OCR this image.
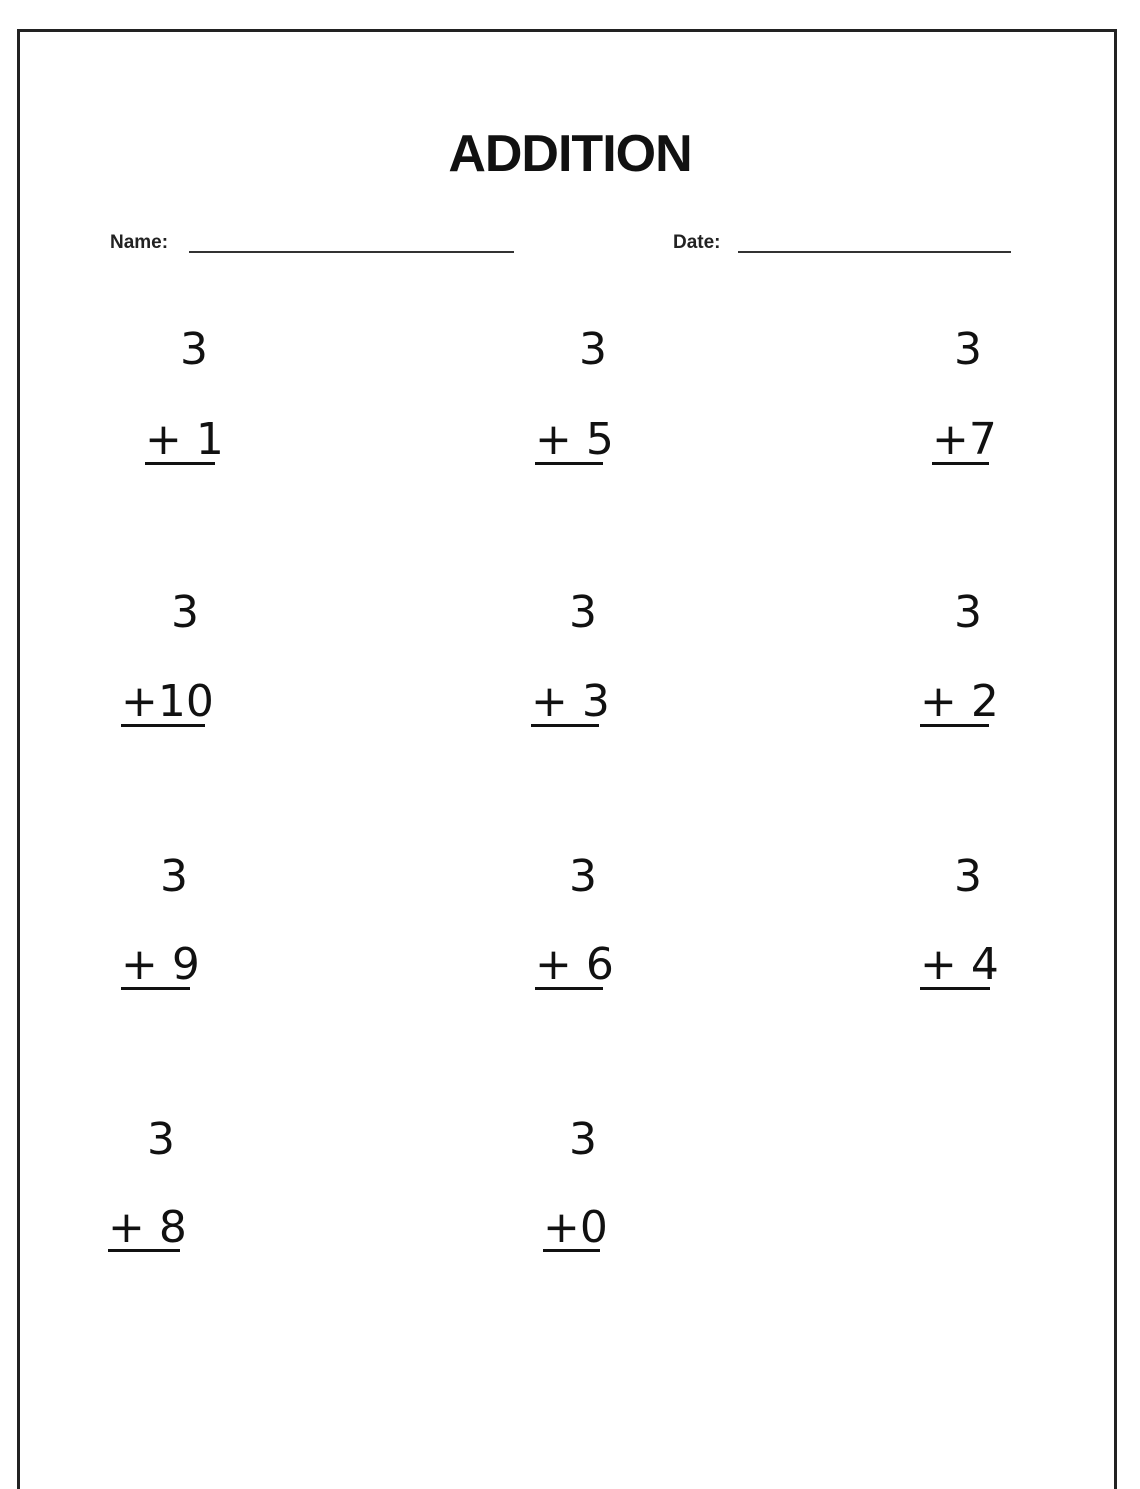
ADDITION
Name:	Date:
3
+ 1
3
+ 5
3
+7
3
+10
3
+ 3
3
+ 2
3
+ 9
3
+ 6
3
+ 4
3
+ 8
3
+0
